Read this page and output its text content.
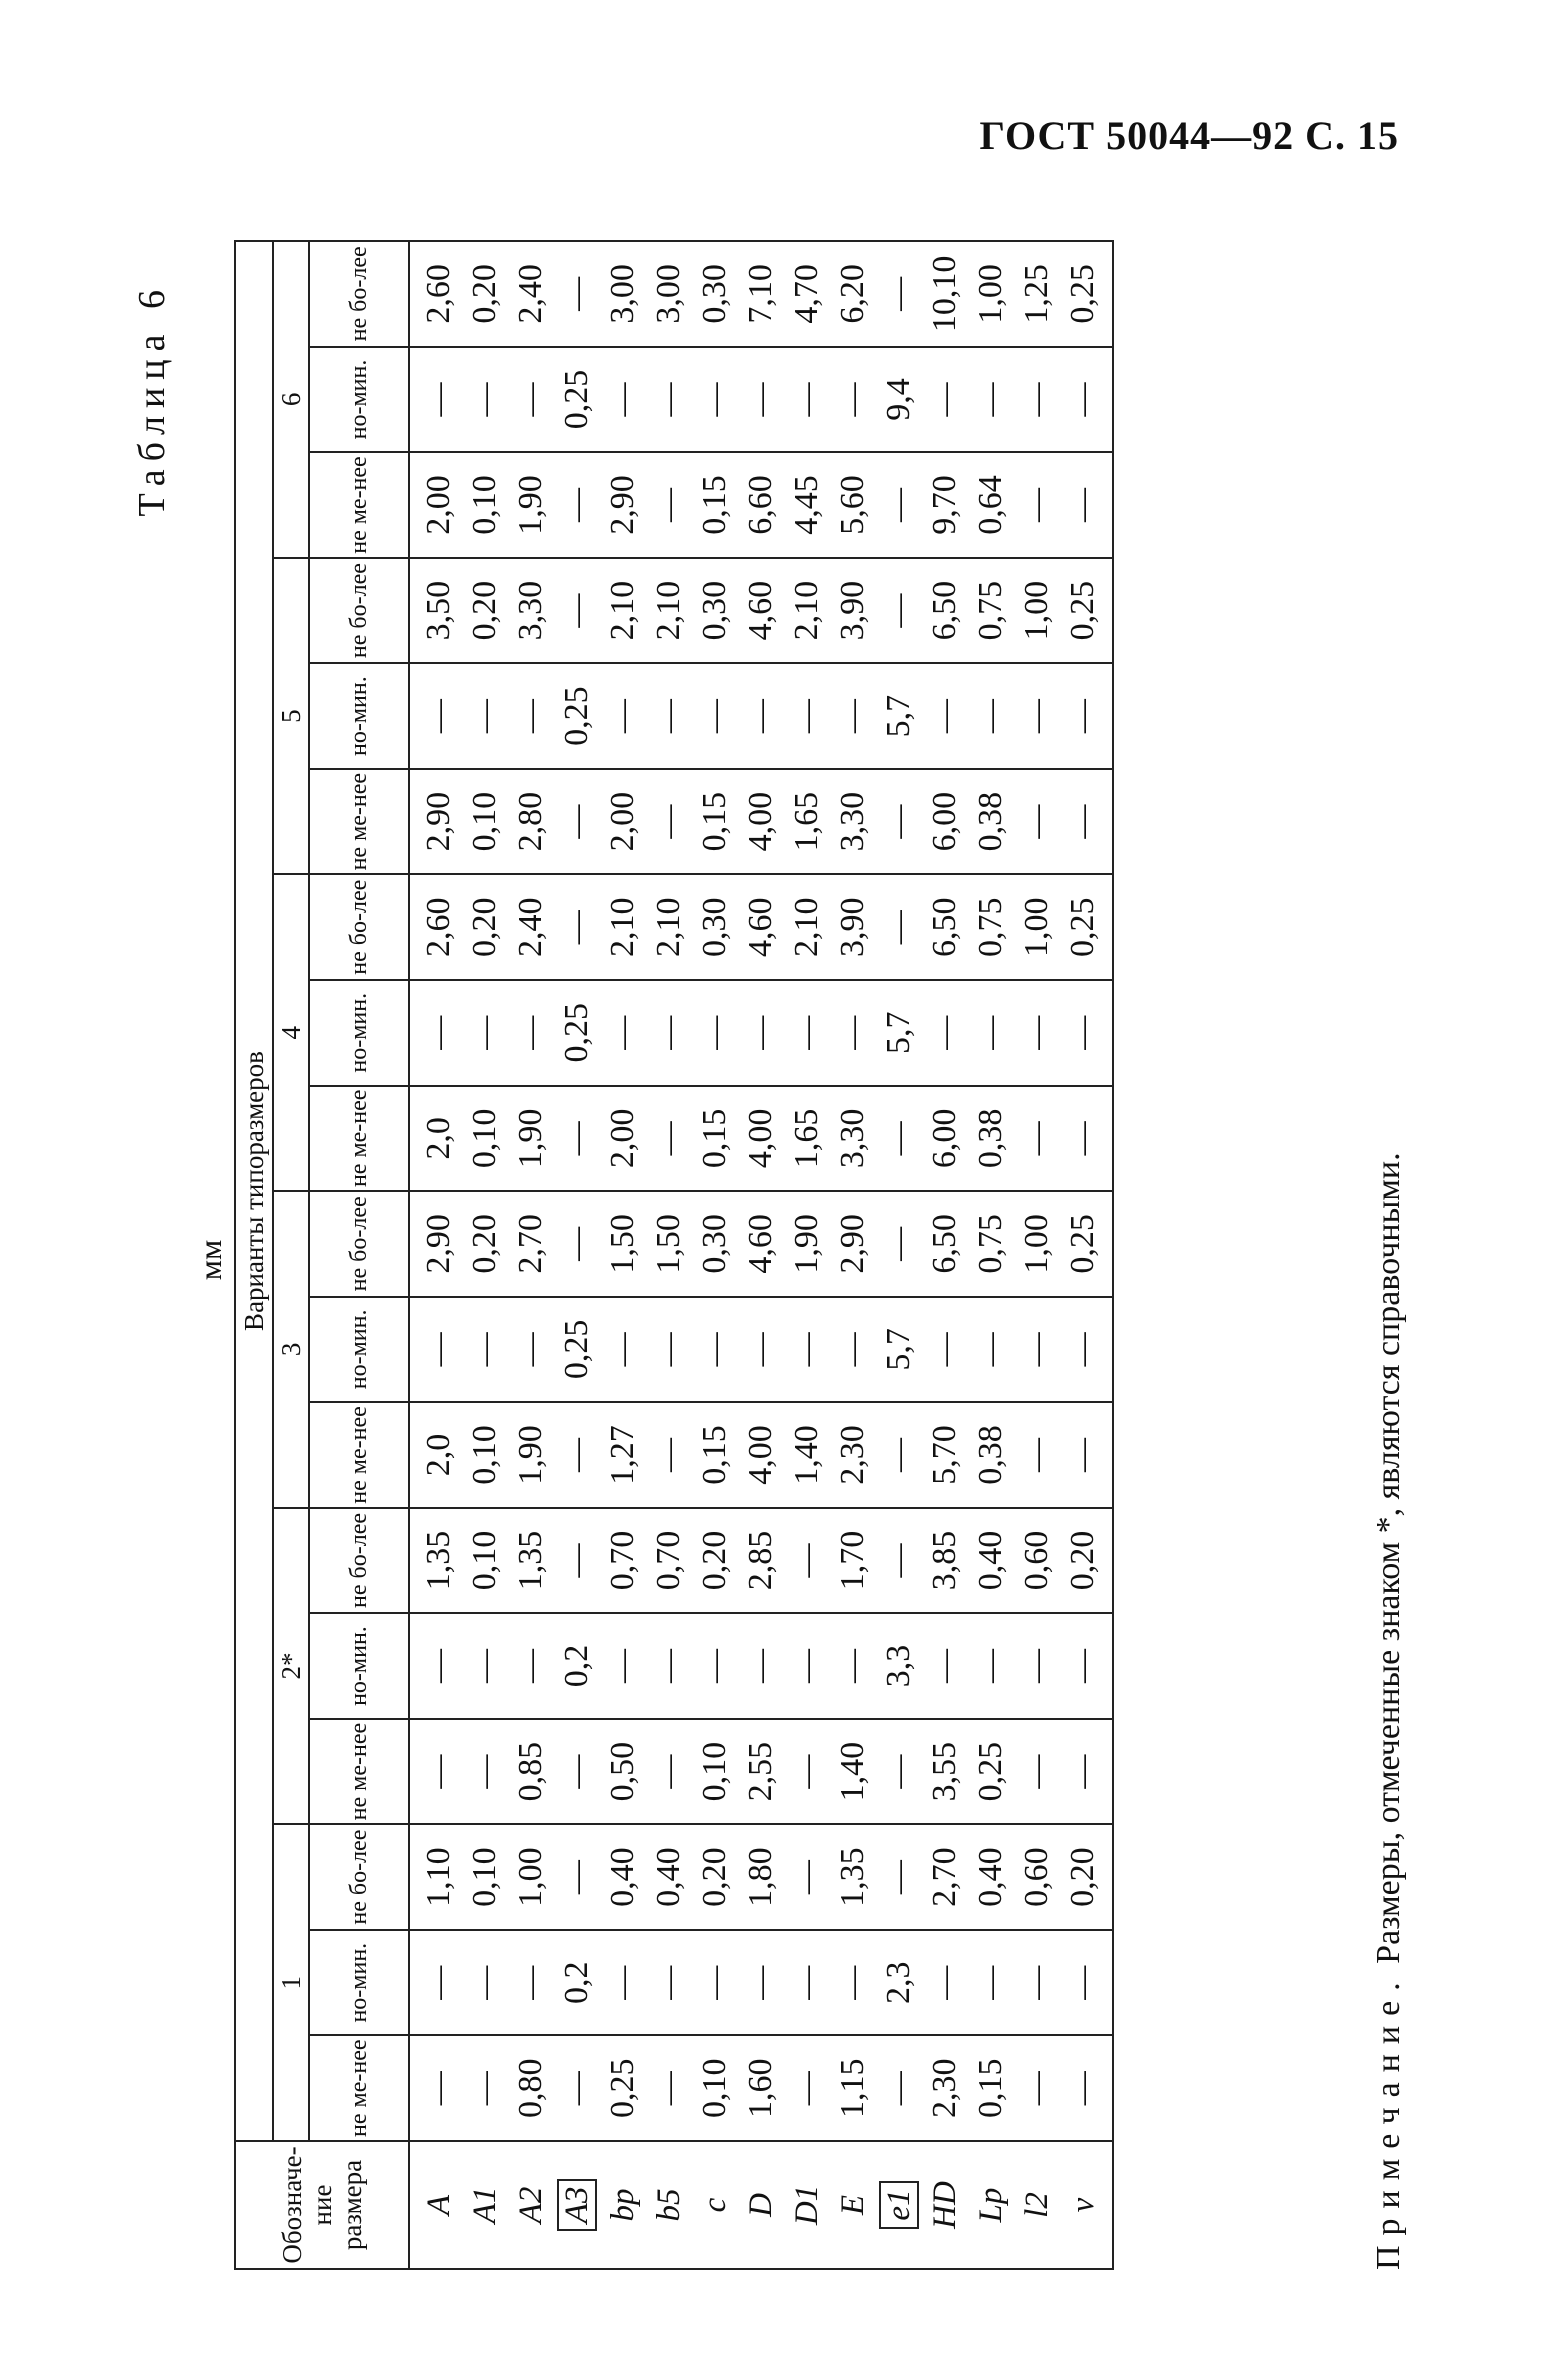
ГОСТ 50044—92 С. 15
Таблица 6
мм
Обозначе-ние размера	Варианты типоразмеров																	
	1			2*			3			4			5			6		
	не ме-нее	но-мин.	не бо-лее	не ме-нее	но-мин.	не бо-лее	не ме-нее	но-мин.	не бо-лее	не ме-нее	но-мин.	не бо-лее	не ме-нее	но-мин.	не бо-лее	не ме-нее	но-мин.	не бо-лее
A	—	—	1,10	—	—	1,35	2,0	—	2,90	2,0	—	2,60	2,90	—	3,50	2,00	—	2,60
A1	—	—	0,10	—	—	0,10	0,10	—	0,20	0,10	—	0,20	0,10	—	0,20	0,10	—	0,20
A2	0,80	—	1,00	0,85	—	1,35	1,90	—	2,70	1,90	—	2,40	2,80	—	3,30	1,90	—	2,40
A3	—	0,2	—	—	0,2	—	—	0,25	—	—	0,25	—	—	0,25	—	—	0,25	—
bp	0,25	—	0,40	0,50	—	0,70	1,27	—	1,50	2,00	—	2,10	2,00	—	2,10	2,90	—	3,00
b5	—	—	0,40	—	—	0,70	—	—	1,50	—	—	2,10	—	—	2,10	—	—	3,00
c	0,10	—	0,20	0,10	—	0,20	0,15	—	0,30	0,15	—	0,30	0,15	—	0,30	0,15	—	0,30
D	1,60	—	1,80	2,55	—	2,85	4,00	—	4,60	4,00	—	4,60	4,00	—	4,60	6,60	—	7,10
D1	—	—	—	—	—	—	1,40	—	1,90	1,65	—	2,10	1,65	—	2,10	4,45	—	4,70
E	1,15	—	1,35	1,40	—	1,70	2,30	—	2,90	3,30	—	3,90	3,30	—	3,90	5,60	—	6,20
e1	—	2,3	—	—	3,3	—	—	5,7	—	—	5,7	—	—	5,7	—	—	9,4	—
HD	2,30	—	2,70	3,55	—	3,85	5,70	—	6,50	6,00	—	6,50	6,00	—	6,50	9,70	—	10,10
Lp	0,15	—	0,40	0,25	—	0,40	0,38	—	0,75	0,38	—	0,75	0,38	—	0,75	0,64	—	1,00
l2	—	—	0,60	—	—	0,60	—	—	1,00	—	—	1,00	—	—	1,00	—	—	1,25
v	—	—	0,20	—	—	0,20	—	—	0,25	—	—	0,25	—	—	0,25	—	—	0,25
Примечание. Размеры, отмеченные знаком *, являются справочными.
